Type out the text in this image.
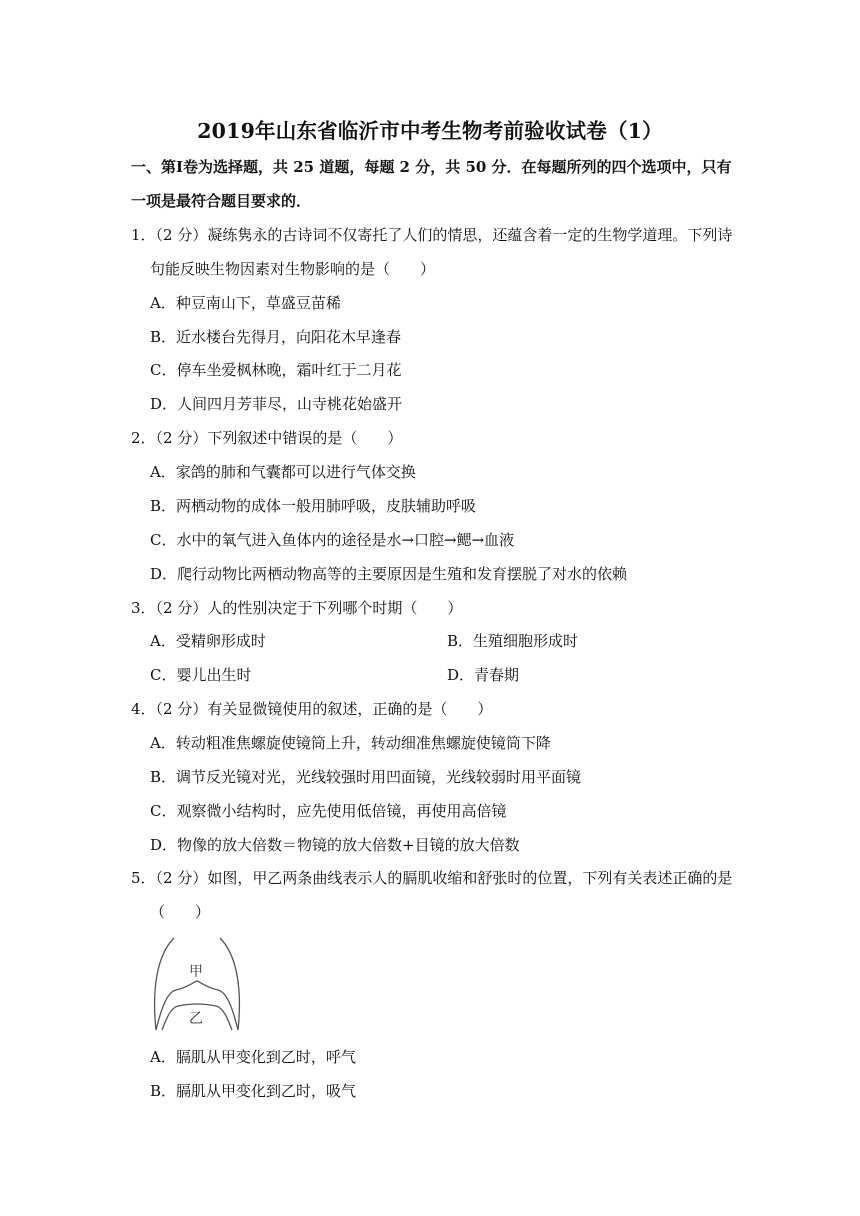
2019年山东省临沂市中考生物考前验收试卷（1）
一、第Ⅰ卷为选择题，共 25 道题，每题 2 分，共 50 分．在每题所列的四个选项中，只有
一项是最符合题目要求的．
1．（2 分）凝练隽永的古诗词不仅寄托了人们的情思，还蕴含着一定的生物学道理。下列诗
句能反映生物因素对生物影响的是（　　）
A．种豆南山下，草盛豆苗稀
B．近水楼台先得月，向阳花木早逢春
C．停车坐爱枫林晚，霜叶红于二月花
D．人间四月芳菲尽，山寺桃花始盛开
2．（2 分）下列叙述中错误的是（　　）
A．家鸽的肺和气囊都可以进行气体交换
B．两栖动物的成体一般用肺呼吸，皮肤辅助呼吸
C．水中的氧气进入鱼体内的途径是水→口腔→鳃→血液
D．爬行动物比两栖动物高等的主要原因是生殖和发育摆脱了对水的依赖
3．（2 分）人的性别决定于下列哪个时期（　　）
A．受精卵形成时	B．生殖细胞形成时
C．婴儿出生时	D．青春期
4．（2 分）有关显微镜使用的叙述，正确的是（　　）
A．转动粗准焦螺旋使镜筒上升，转动细准焦螺旋使镜筒下降
B．调节反光镜对光，光线较强时用凹面镜，光线较弱时用平面镜
C．观察微小结构时，应先使用低倍镜，再使用高倍镜
D．物像的放大倍数＝物镜的放大倍数+目镜的放大倍数
5．（2 分）如图，甲乙两条曲线表示人的膈肌收缩和舒张时的位置，下列有关表述正确的是
（　　）
甲
乙
A．膈肌从甲变化到乙时，呼气
B．膈肌从甲变化到乙时，吸气
